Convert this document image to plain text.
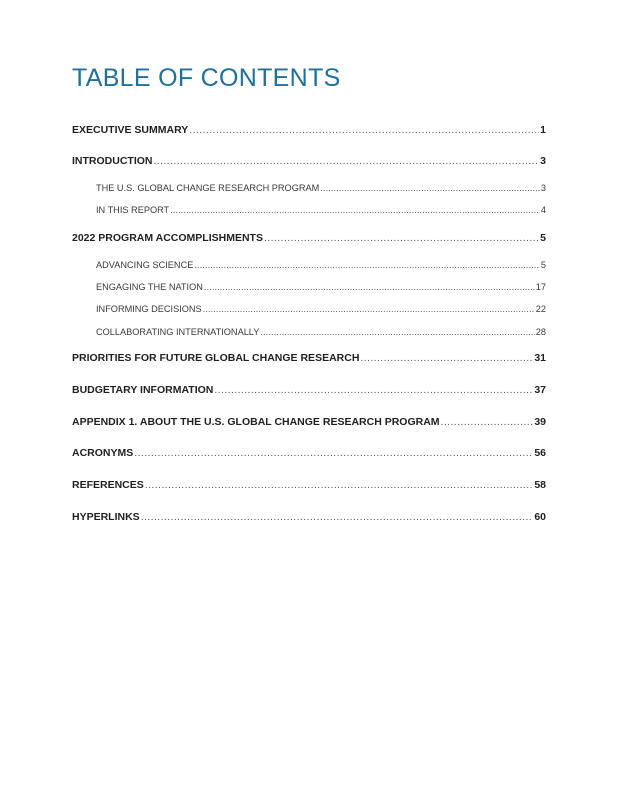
TABLE OF CONTENTS
EXECUTIVE SUMMARY .....	1
INTRODUCTION .....	3
THE U.S. GLOBAL CHANGE RESEARCH PROGRAM .....	3
IN THIS REPORT .....	4
2022 PROGRAM ACCOMPLISHMENTS .....	5
ADVANCING SCIENCE .....	5
ENGAGING THE NATION .....	17
INFORMING DECISIONS .....	22
COLLABORATING INTERNATIONALLY .....	28
PRIORITIES FOR FUTURE GLOBAL CHANGE RESEARCH .....	31
BUDGETARY INFORMATION .....	37
APPENDIX 1. ABOUT THE U.S. GLOBAL CHANGE RESEARCH PROGRAM .....	39
ACRONYMS .....	56
REFERENCES .....	58
HYPERLINKS .....	60
